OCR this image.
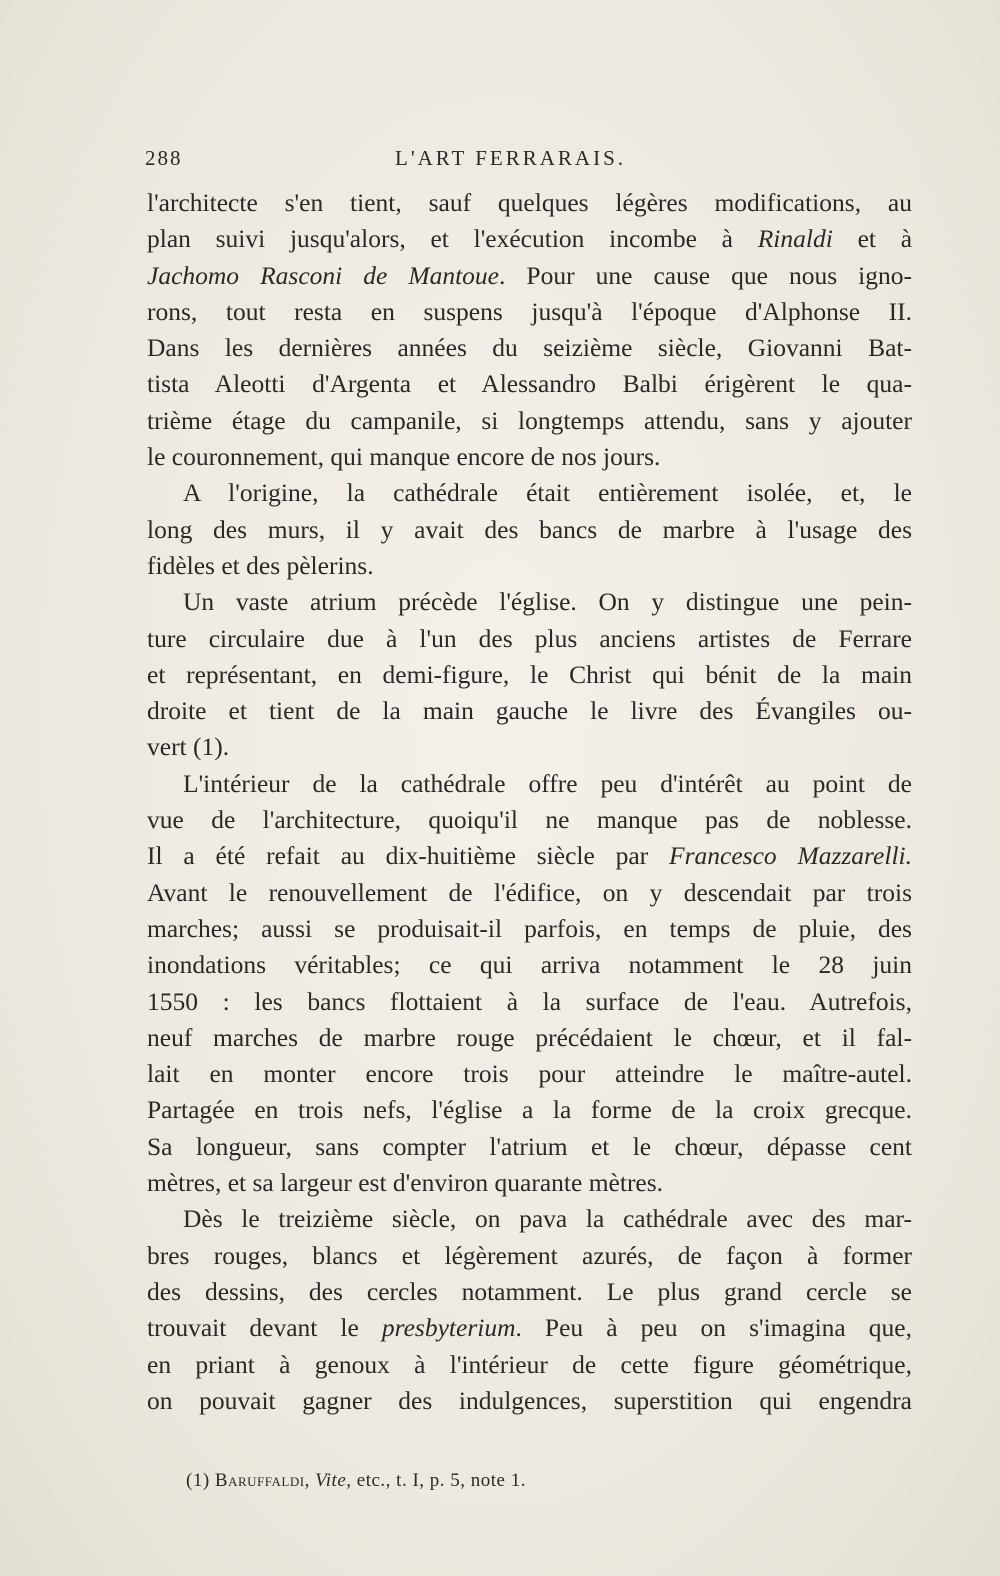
288	L'ART FERRARAIS.
l'architecte s'en tient, sauf quelques légères modifications, au
plan suivi jusqu'alors, et l'exécution incombe à Rinaldi et à
Jachomo Rasconi de Mantoue. Pour une cause que nous igno-
rons, tout resta en suspens jusqu'à l'époque d'Alphonse II.
Dans les dernières années du seizième siècle, Giovanni Bat-
tista Aleotti d'Argenta et Alessandro Balbi érigèrent le qua-
trième étage du campanile, si longtemps attendu, sans y ajouter
le couronnement, qui manque encore de nos jours.
A l'origine, la cathédrale était entièrement isolée, et, le
long des murs, il y avait des bancs de marbre à l'usage des
fidèles et des pèlerins.
Un vaste atrium précède l'église. On y distingue une pein-
ture circulaire due à l'un des plus anciens artistes de Ferrare
et représentant, en demi-figure, le Christ qui bénit de la main
droite et tient de la main gauche le livre des Évangiles ou-
vert (1).
L'intérieur de la cathédrale offre peu d'intérêt au point de
vue de l'architecture, quoiqu'il ne manque pas de noblesse.
Il a été refait au dix-huitième siècle par Francesco Mazzarelli.
Avant le renouvellement de l'édifice, on y descendait par trois
marches; aussi se produisait-il parfois, en temps de pluie, des
inondations véritables; ce qui arriva notamment le 28 juin
1550 : les bancs flottaient à la surface de l'eau. Autrefois,
neuf marches de marbre rouge précédaient le chœur, et il fal-
lait en monter encore trois pour atteindre le maître-autel.
Partagée en trois nefs, l'église a la forme de la croix grecque.
Sa longueur, sans compter l'atrium et le chœur, dépasse cent
mètres, et sa largeur est d'environ quarante mètres.
Dès le treizième siècle, on pava la cathédrale avec des mar-
bres rouges, blancs et légèrement azurés, de façon à former
des dessins, des cercles notamment. Le plus grand cercle se
trouvait devant le presbyterium. Peu à peu on s'imagina que,
en priant à genoux à l'intérieur de cette figure géométrique,
on pouvait gagner des indulgences, superstition qui engendra
(1) Baruffaldi, Vite, etc., t. I, p. 5, note 1.
